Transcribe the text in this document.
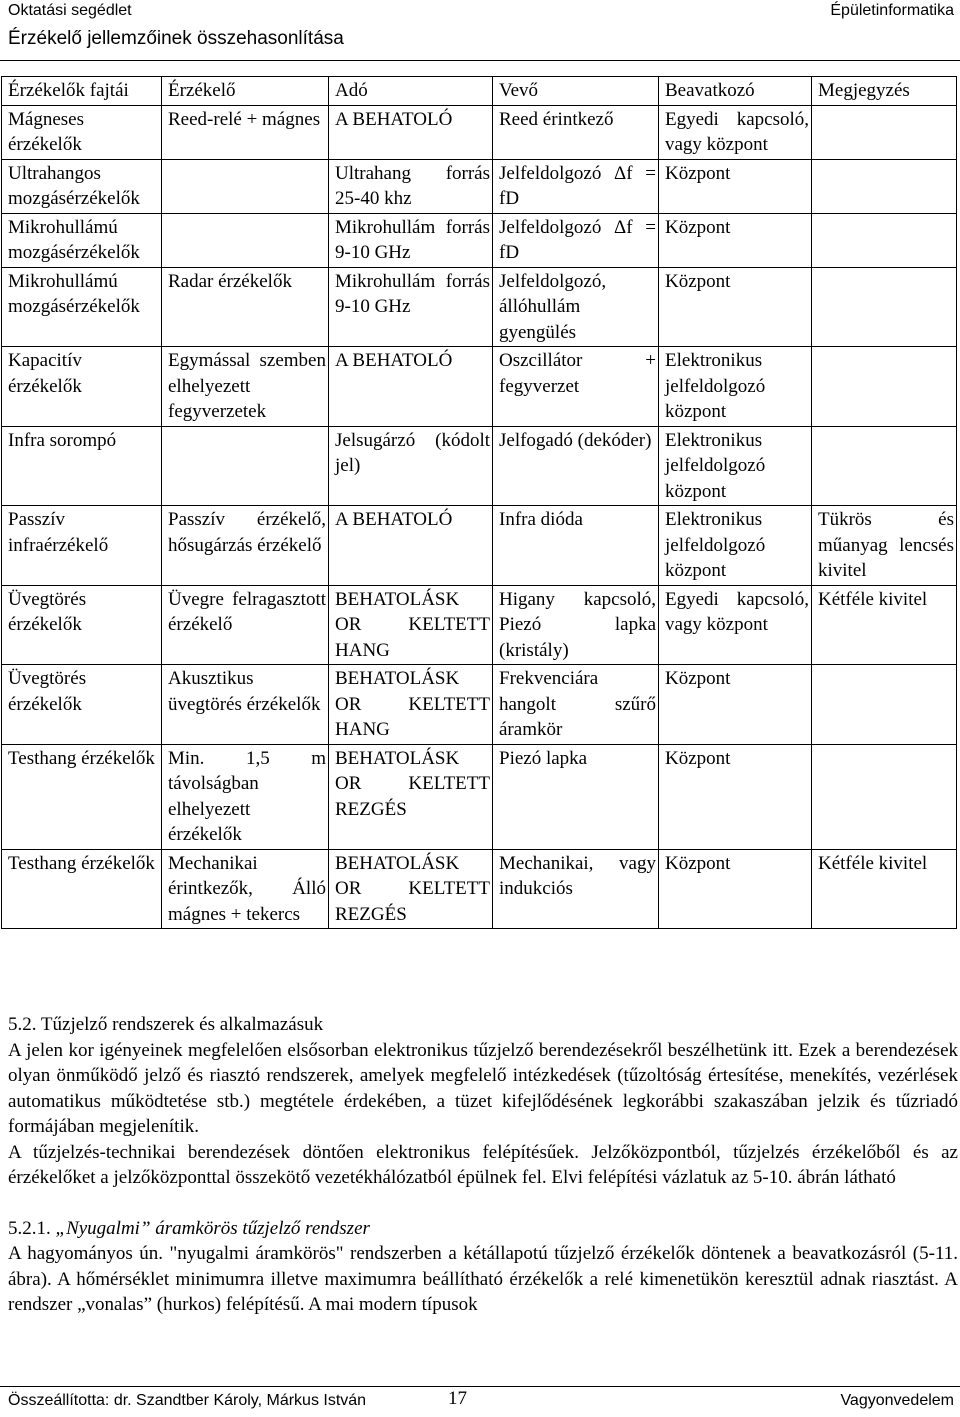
Oktatási segédlet	Épületinformatika
Érzékelő jellemzőinek összehasonlítása
Érzékelők fajtái	Érzékelő	Adó	Vevő	Beavatkozó	Megjegyzés
Mágneses érzékelők	Reed-relé + mágnes	A BEHATOLÓ	Reed érintkező	Egyedi kapcsoló, vagy központ	
Ultrahangos mozgásérzékelők		Ultrahang forrás 25-40 khz	Jelfeldolgozó Δf = fD	Központ	
Mikrohullámú mozgásérzékelők		Mikrohullám forrás 9-10 GHz	Jelfeldolgozó Δf = fD	Központ	
Mikrohullámú mozgásérzékelők	Radar érzékelők	Mikrohullám forrás 9-10 GHz	Jelfeldolgozó, állóhullám gyengülés	Központ	
Kapacitív érzékelők	Egymással szemben elhelyezett fegyverzetek	A BEHATOLÓ	Oszcillátor + fegyverzet	Elektronikus jelfeldolgozó központ	
Infra sorompó		Jelsugárzó (kódolt jel)	Jelfogadó (dekóder)	Elektronikus jelfeldolgozó központ	
Passzív infraérzékelő	Passzív érzékelő, hősugárzás érzékelő	A BEHATOLÓ	Infra dióda	Elektronikus jelfeldolgozó központ	Tükrös és műanyag lencsés kivitel
Üvegtörés érzékelők	Üvegre felragasztott érzékelő	BEHATOLÁSK OR KELTETT HANG	Higany kapcsoló, Piezó lapka (kristály)	Egyedi kapcsoló, vagy központ	Kétféle kivitel
Üvegtörés érzékelők	Akusztikus üvegtörés érzékelők	BEHATOLÁSK OR KELTETT HANG	Frekvenciára hangolt szűrő áramkör	Központ	
Testhang érzékelők	Min. 1,5 m távolságban elhelyezett érzékelők	BEHATOLÁSK OR KELTETT REZGÉS	Piezó lapka	Központ	
Testhang érzékelők	Mechanikai érintkezők, Álló mágnes + tekercs	BEHATOLÁSK OR KELTETT REZGÉS	Mechanikai, vagy indukciós	Központ	Kétféle kivitel

5.2. Tűzjelző rendszerek és alkalmazásuk

A jelen kor igényeinek megfelelően elsősorban elektronikus tűzjelző berendezésekről beszélhetünk itt. Ezek a berendezések olyan önműködő jelző és riasztó rendszerek, amelyek megfelelő intézkedések (tűzoltóság értesítése, menekítés, vezérlések automatikus működtetése stb.) megtétele érdekében, a tüzet kifejlődésének legkorábbi szakaszában jelzik és tűzriadó formájában megjelenítik.

A tűzjelzés-technikai berendezések döntően elektronikus felépítésűek. Jelzőközpontból, tűzjelzés érzékelőből és az érzékelőket a jelzőközponttal összekötő vezetékhálózatból épülnek fel. Elvi felépítési vázlatuk az 5-10. ábrán látható

5.2.1. „Nyugalmi” áramkörös tűzjelző rendszer

A hagyományos ún. "nyugalmi áramkörös" rendszerben a kétállapotú tűzjelző érzékelők döntenek a beavatkozásról (5-11. ábra). A hőmérséklet minimumra illetve maximumra beállítható érzékelők a relé kimenetükön keresztül adnak riasztást. A rendszer „vonalas” (hurkos) felépítésű. A mai modern típusok

Összeállította: dr. Szandtber Károly, Márkus István	17	Vagyonvedelem
